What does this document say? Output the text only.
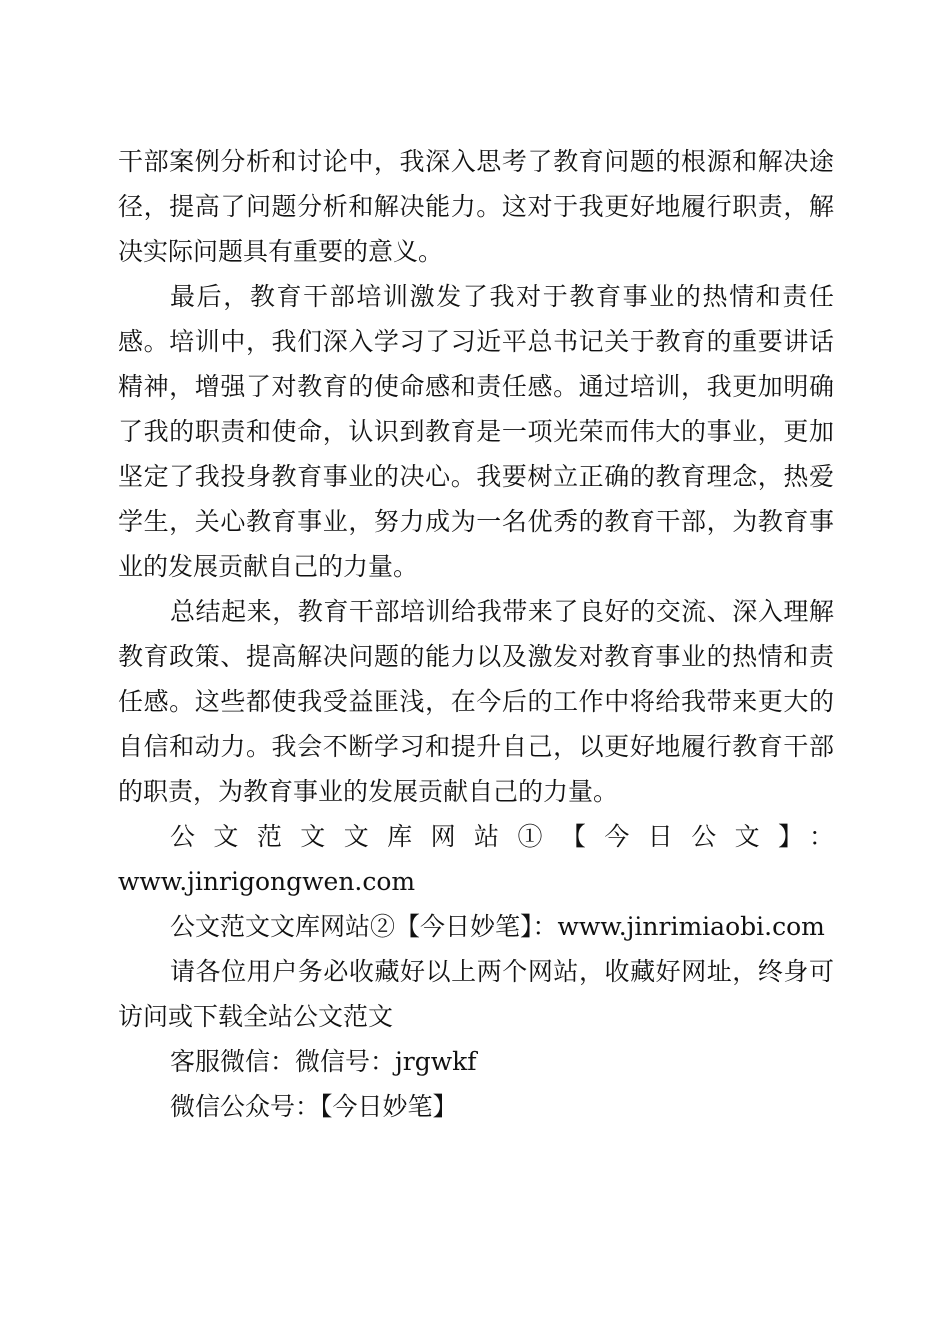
干部案例分析和讨论中，我深入思考了教育问题的根源和解决途径，提高了问题分析和解决能力。这对于我更好地履行职责，解决实际问题具有重要的意义。

最后，教育干部培训激发了我对于教育事业的热情和责任感。培训中，我们深入学习了习近平总书记关于教育的重要讲话精神，增强了对教育的使命感和责任感。通过培训，我更加明确了我的职责和使命，认识到教育是一项光荣而伟大的事业，更加坚定了我投身教育事业的决心。我要树立正确的教育理念，热爱学生，关心教育事业，努力成为一名优秀的教育干部，为教育事业的发展贡献自己的力量。

总结起来，教育干部培训给我带来了良好的交流、深入理解教育政策、提高解决问题的能力以及激发对教育事业的热情和责任感。这些都使我受益匪浅，在今后的工作中将给我带来更大的自信和动力。我会不断学习和提升自己，以更好地履行教育干部的职责，为教育事业的发展贡献自己的力量。

公文范文文库网站①【今日公文】：www.jinrigongwen.com

公文范文文库网站②【今日妙笔】：www.jinrimiaobi.com

请各位用户务必收藏好以上两个网站，收藏好网址，终身可访问或下载全站公文范文

客服微信：微信号：jrgwkf

微信公众号：【今日妙笔】
